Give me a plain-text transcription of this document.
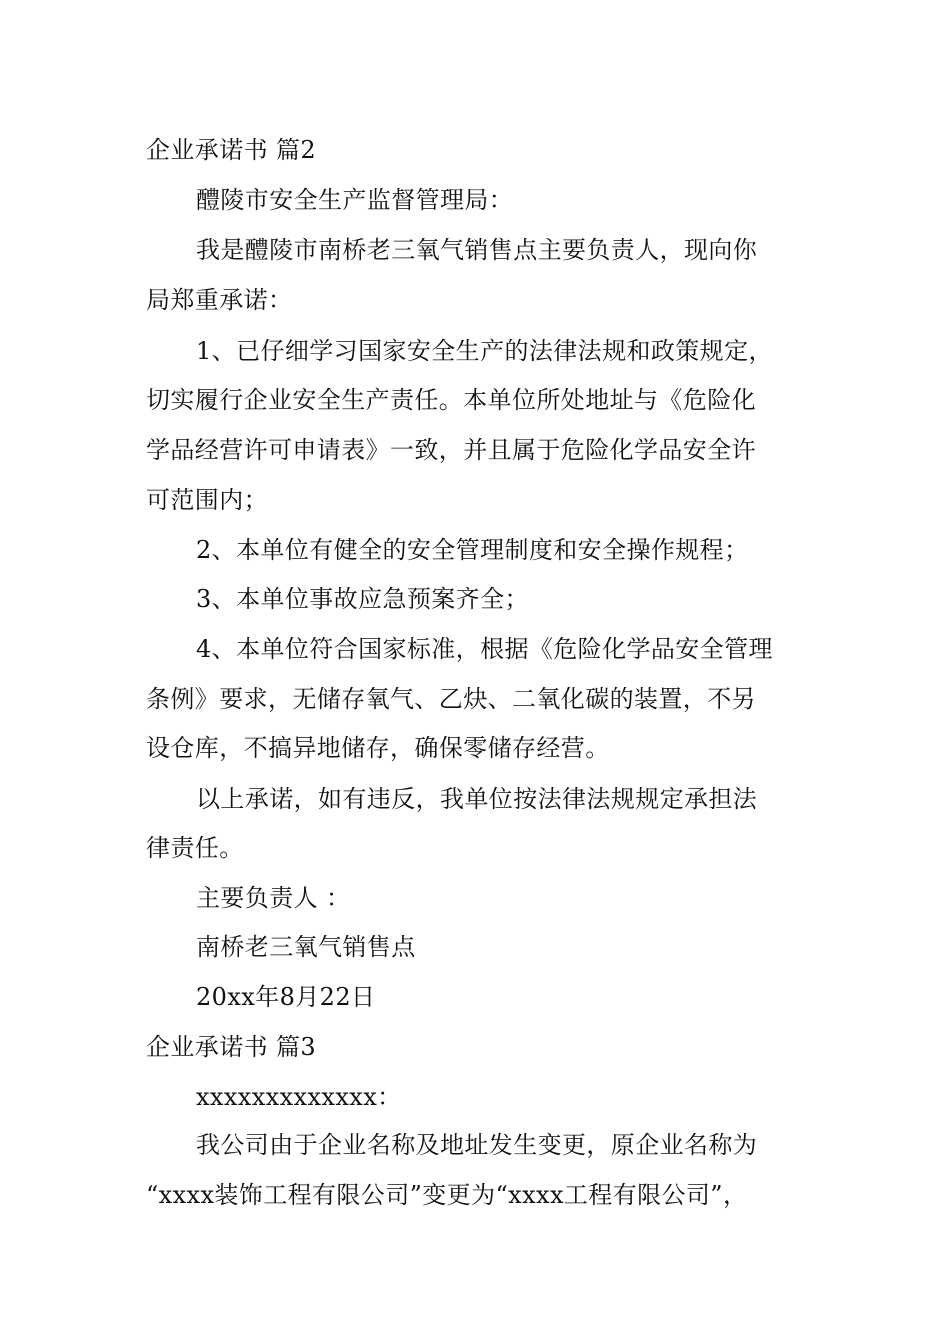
企业承诺书 篇2
醴陵市安全生产监督管理局：
我是醴陵市南桥老三氧气销售点主要负责人，现向你
局郑重承诺：
1、已仔细学习国家安全生产的法律法规和政策规定，
切实履行企业安全生产责任。本单位所处地址与《危险化
学品经营许可申请表》一致，并且属于危险化学品安全许
可范围内；
2、本单位有健全的安全管理制度和安全操作规程；
3、本单位事故应急预案齐全；
4、本单位符合国家标准，根据《危险化学品安全管理
条例》要求，无储存氧气、乙炔、二氧化碳的装置，不另
设仓库，不搞异地储存，确保零储存经营。
以上承诺，如有违反，我单位按法律法规规定承担法
律责任。
主要负责人 ：
南桥老三氧气销售点
20xx年8月22日
企业承诺书 篇3
xxxxxxxxxxxxx：
我公司由于企业名称及地址发生变更，原企业名称为
“xxxx装饰工程有限公司”变更为“xxxx工程有限公司”，
